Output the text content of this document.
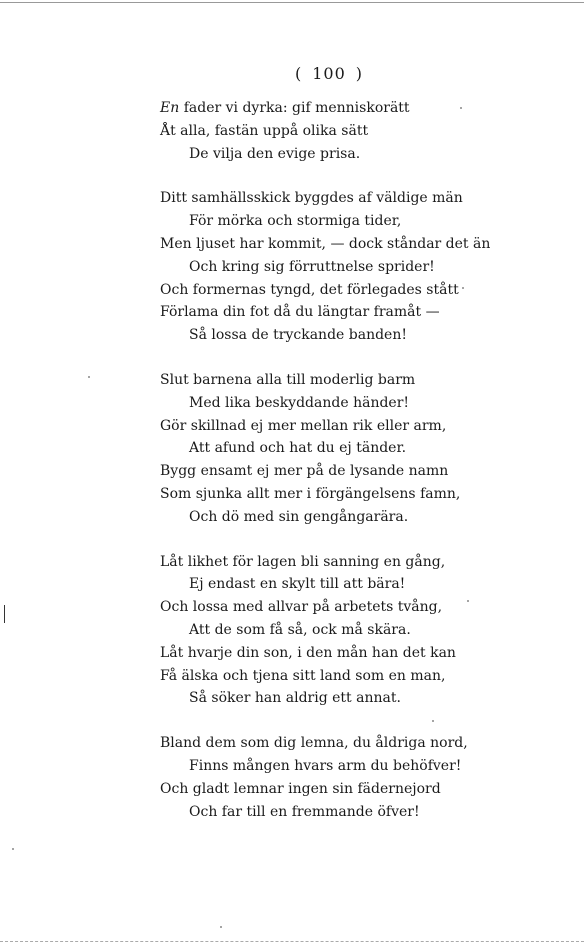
( 100 )
En fader vi dyrka: gif menniskorätt
Åt alla, fastän uppå olika sätt
De vilja den evige prisa.
Ditt samhällsskick byggdes af väldige män
För mörka och stormiga tider,
Men ljuset har kommit, — dock ståndar det än
Och kring sig förruttnelse sprider!
Och formernas tyngd, det förlegades stått
Förlama din fot då du längtar framåt —
Så lossa de tryckande banden!
Slut barnena alla till moderlig barm
Med lika beskyddande händer!
Gör skillnad ej mer mellan rik eller arm,
Att afund och hat du ej tänder.
Bygg ensamt ej mer på de lysande namn
Som sjunka allt mer i förgängelsens famn,
Och dö med sin gengångarära.
Låt likhet för lagen bli sanning en gång,
Ej endast en skylt till att bära!
Och lossa med allvar på arbetets tvång,
Att de som få så, ock må skära.
Låt hvarje din son, i den mån han det kan
Få älska och tjena sitt land som en man,
Så söker han aldrig ett annat.
Bland dem som dig lemna, du åldriga nord,
Finns mången hvars arm du behöfver!
Och gladt lemnar ingen sin fädernejord
Och far till en fremmande öfver!
